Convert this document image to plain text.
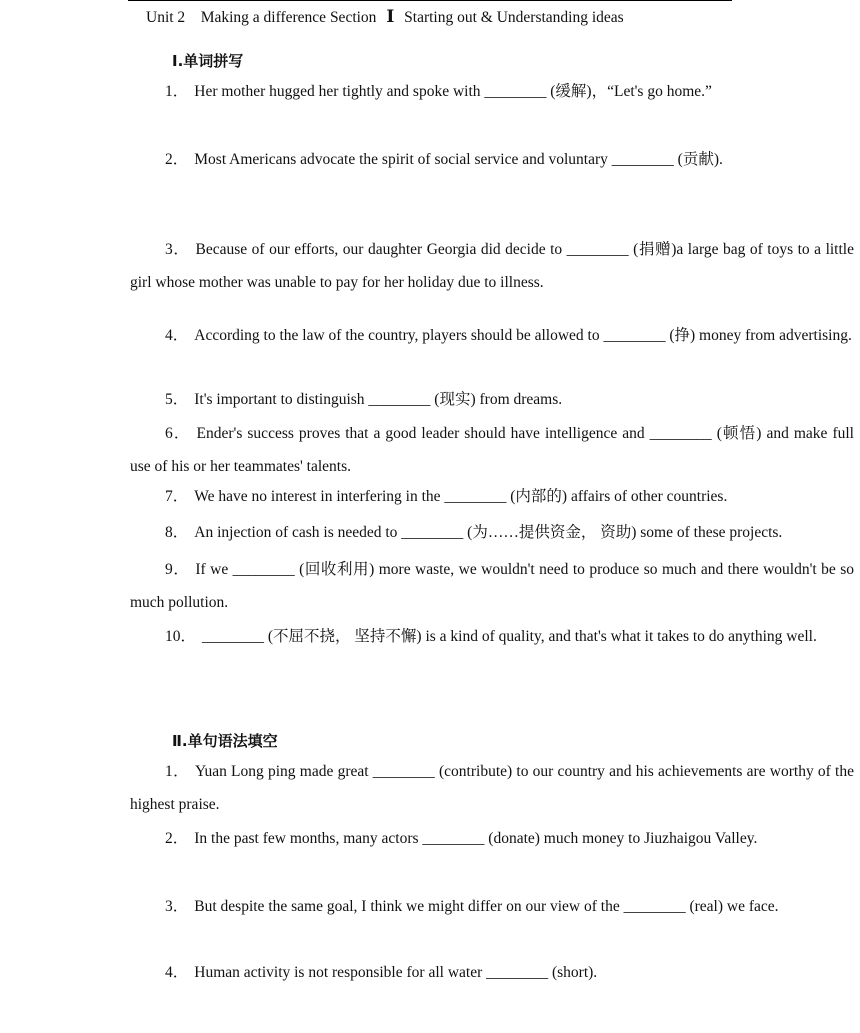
Unit 2 Making a difference Section Ⅰ Starting out & Understanding ideas
Ⅰ.单词拼写
1． Her mother hugged her tightly and spoke with ________ (缓解)，“Let's go home.”
2． Most Americans advocate the spirit of social service and voluntary ________ (贡献).
3． Because of our efforts, our daughter Georgia did decide to ________ (捐赠)a large bag of toys to a little girl whose mother was unable to pay for her holiday due to illness.
4． According to the law of the country, players should be allowed to ________ (挣) money from advertising.
5． It's important to distinguish ________ (现实) from dreams.
6． Ender's success proves that a good leader should have intelligence and ________ (顿悟) and make full use of his or her teammates' talents.
7． We have no interest in interfering in the ________ (内部的) affairs of other countries.
8． An injection of cash is needed to ________ (为……提供资金， 资助) some of these projects.
9． If we ________ (回收利用) more waste, we wouldn't need to produce so much and there wouldn't be so much pollution.
10． ________ (不屈不挠， 坚持不懈) is a kind of quality, and that's what it takes to do anything well.
Ⅱ.单句语法填空
1． Yuan Long ping made great ________ (contribute) to our country and his achievements are worthy of the highest praise.
2． In the past few months, many actors ________ (donate) much money to Jiuzhaigou Valley.
3． But despite the same goal, I think we might differ on our view of the ________ (real) we face.
4． Human activity is not responsible for all water ________ (short).
